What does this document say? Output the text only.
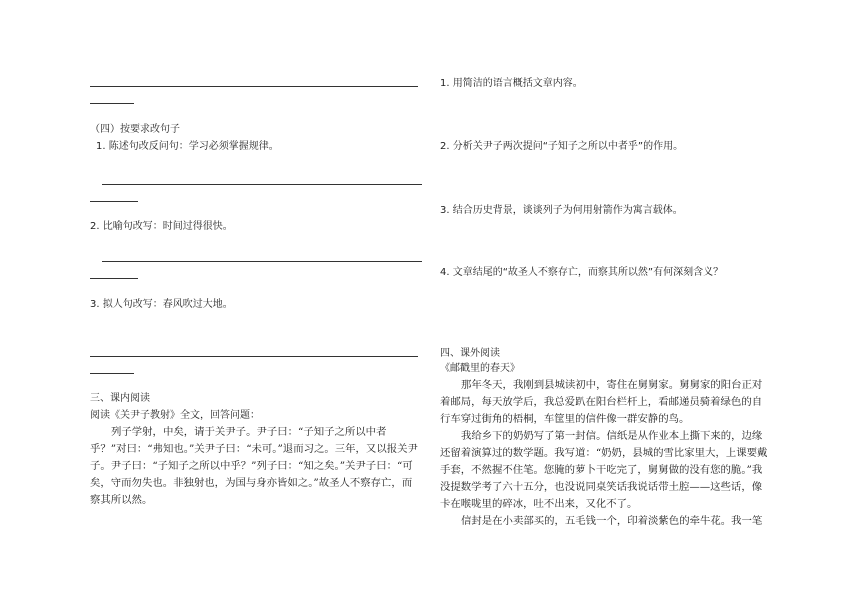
（四）按要求改句子
1. 陈述句改反问句：学习必须掌握规律。
2. 比喻句改写：时间过得很快。
3. 拟人句改写：春风吹过大地。
三、课内阅读
阅读《关尹子教射》全文，回答问题：
列子学射，中矣，请于关尹子。尹子曰：“子知子之所以中者乎？”对曰：“弗知也。”关尹子曰：“未可。”退而习之。三年，又以报关尹子。尹子曰：“子知子之所以中乎？”列子曰：“知之矣。”关尹子曰：“可矣，守而勿失也。非独射也，为国与身亦皆如之。”故圣人不察存亡，而察其所以然。
1. 用简洁的语言概括文章内容。
2. 分析关尹子两次提问“子知子之所以中者乎”的作用。
3. 结合历史背景，谈谈列子为何用射箭作为寓言载体。
4. 文章结尾的“故圣人不察存亡，而察其所以然”有何深刻含义？
四、课外阅读
《邮戳里的春天》
那年冬天，我刚到县城读初中，寄住在舅舅家。舅舅家的阳台正对着邮局，每天放学后，我总爱趴在阳台栏杆上，看邮递员骑着绿色的自行车穿过街角的梧桐，车筐里的信件像一群安静的鸟。
我给乡下的奶奶写了第一封信。信纸是从作业本上撕下来的，边缘还留着演算过的数学题。我写道：“奶奶，县城的雪比家里大，上课要戴手套，不然握不住笔。您腌的萝卜干吃完了，舅舅做的没有您的脆。”我没提数学考了六十五分，也没说同桌笑话我说话带土腔——这些话，像卡在喉咙里的碎冰，吐不出来，又化不了。
信封是在小卖部买的，五毛钱一个，印着淡紫色的牵牛花。我一笔
